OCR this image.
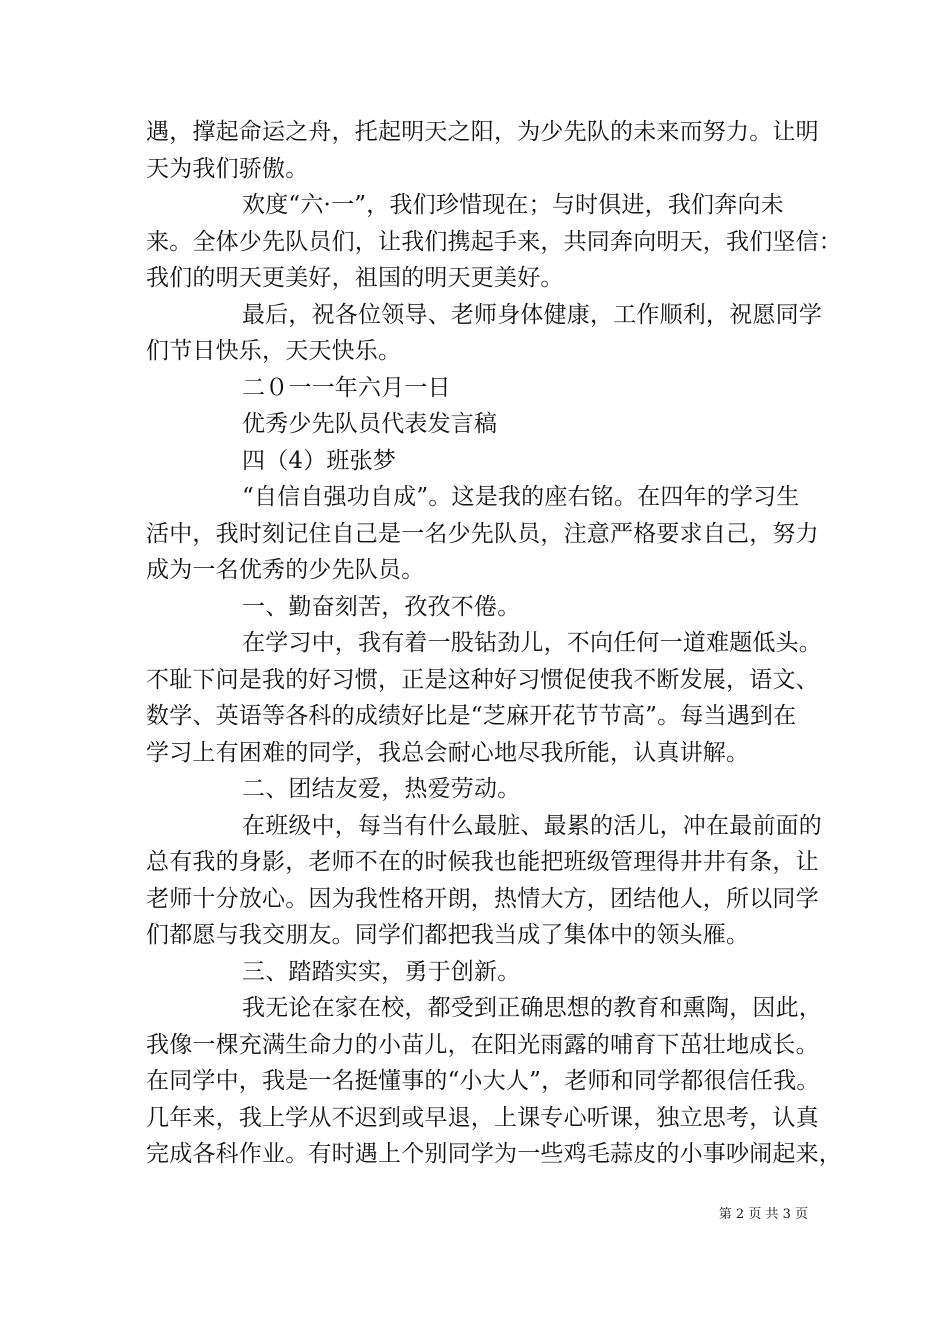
遇，撑起命运之舟，托起明天之阳，为少先队的未来而努力。让明
天为我们骄傲。
欢度“六·一”，我们珍惜现在；与时俱进，我们奔向未
来。全体少先队员们，让我们携起手来，共同奔向明天，我们坚信：
我们的明天更美好，祖国的明天更美好。
最后，祝各位领导、老师身体健康，工作顺利，祝愿同学
们节日快乐，天天快乐。
二０一一年六月一日
优秀少先队员代表发言稿
四（4）班张梦
“自信自强功自成”。这是我的座右铭。在四年的学习生
活中，我时刻记住自己是一名少先队员，注意严格要求自己，努力
成为一名优秀的少先队员。
一、勤奋刻苦，孜孜不倦。
在学习中，我有着一股钻劲儿，不向任何一道难题低头。
不耻下问是我的好习惯，正是这种好习惯促使我不断发展，语文、
数学、英语等各科的成绩好比是“芝麻开花节节高”。每当遇到在
学习上有困难的同学，我总会耐心地尽我所能，认真讲解。
二、团结友爱，热爱劳动。
在班级中，每当有什么最脏、最累的活儿，冲在最前面的
总有我的身影，老师不在的时候我也能把班级管理得井井有条，让
老师十分放心。因为我性格开朗，热情大方，团结他人，所以同学
们都愿与我交朋友。同学们都把我当成了集体中的领头雁。
三、踏踏实实，勇于创新。
我无论在家在校，都受到正确思想的教育和熏陶，因此，
我像一棵充满生命力的小苗儿，在阳光雨露的哺育下茁壮地成长。
在同学中，我是一名挺懂事的“小大人”，老师和同学都很信任我。
几年来，我上学从不迟到或早退，上课专心听课，独立思考，认真
完成各科作业。有时遇上个别同学为一些鸡毛蒜皮的小事吵闹起来，
第 2 页 共 3 页
